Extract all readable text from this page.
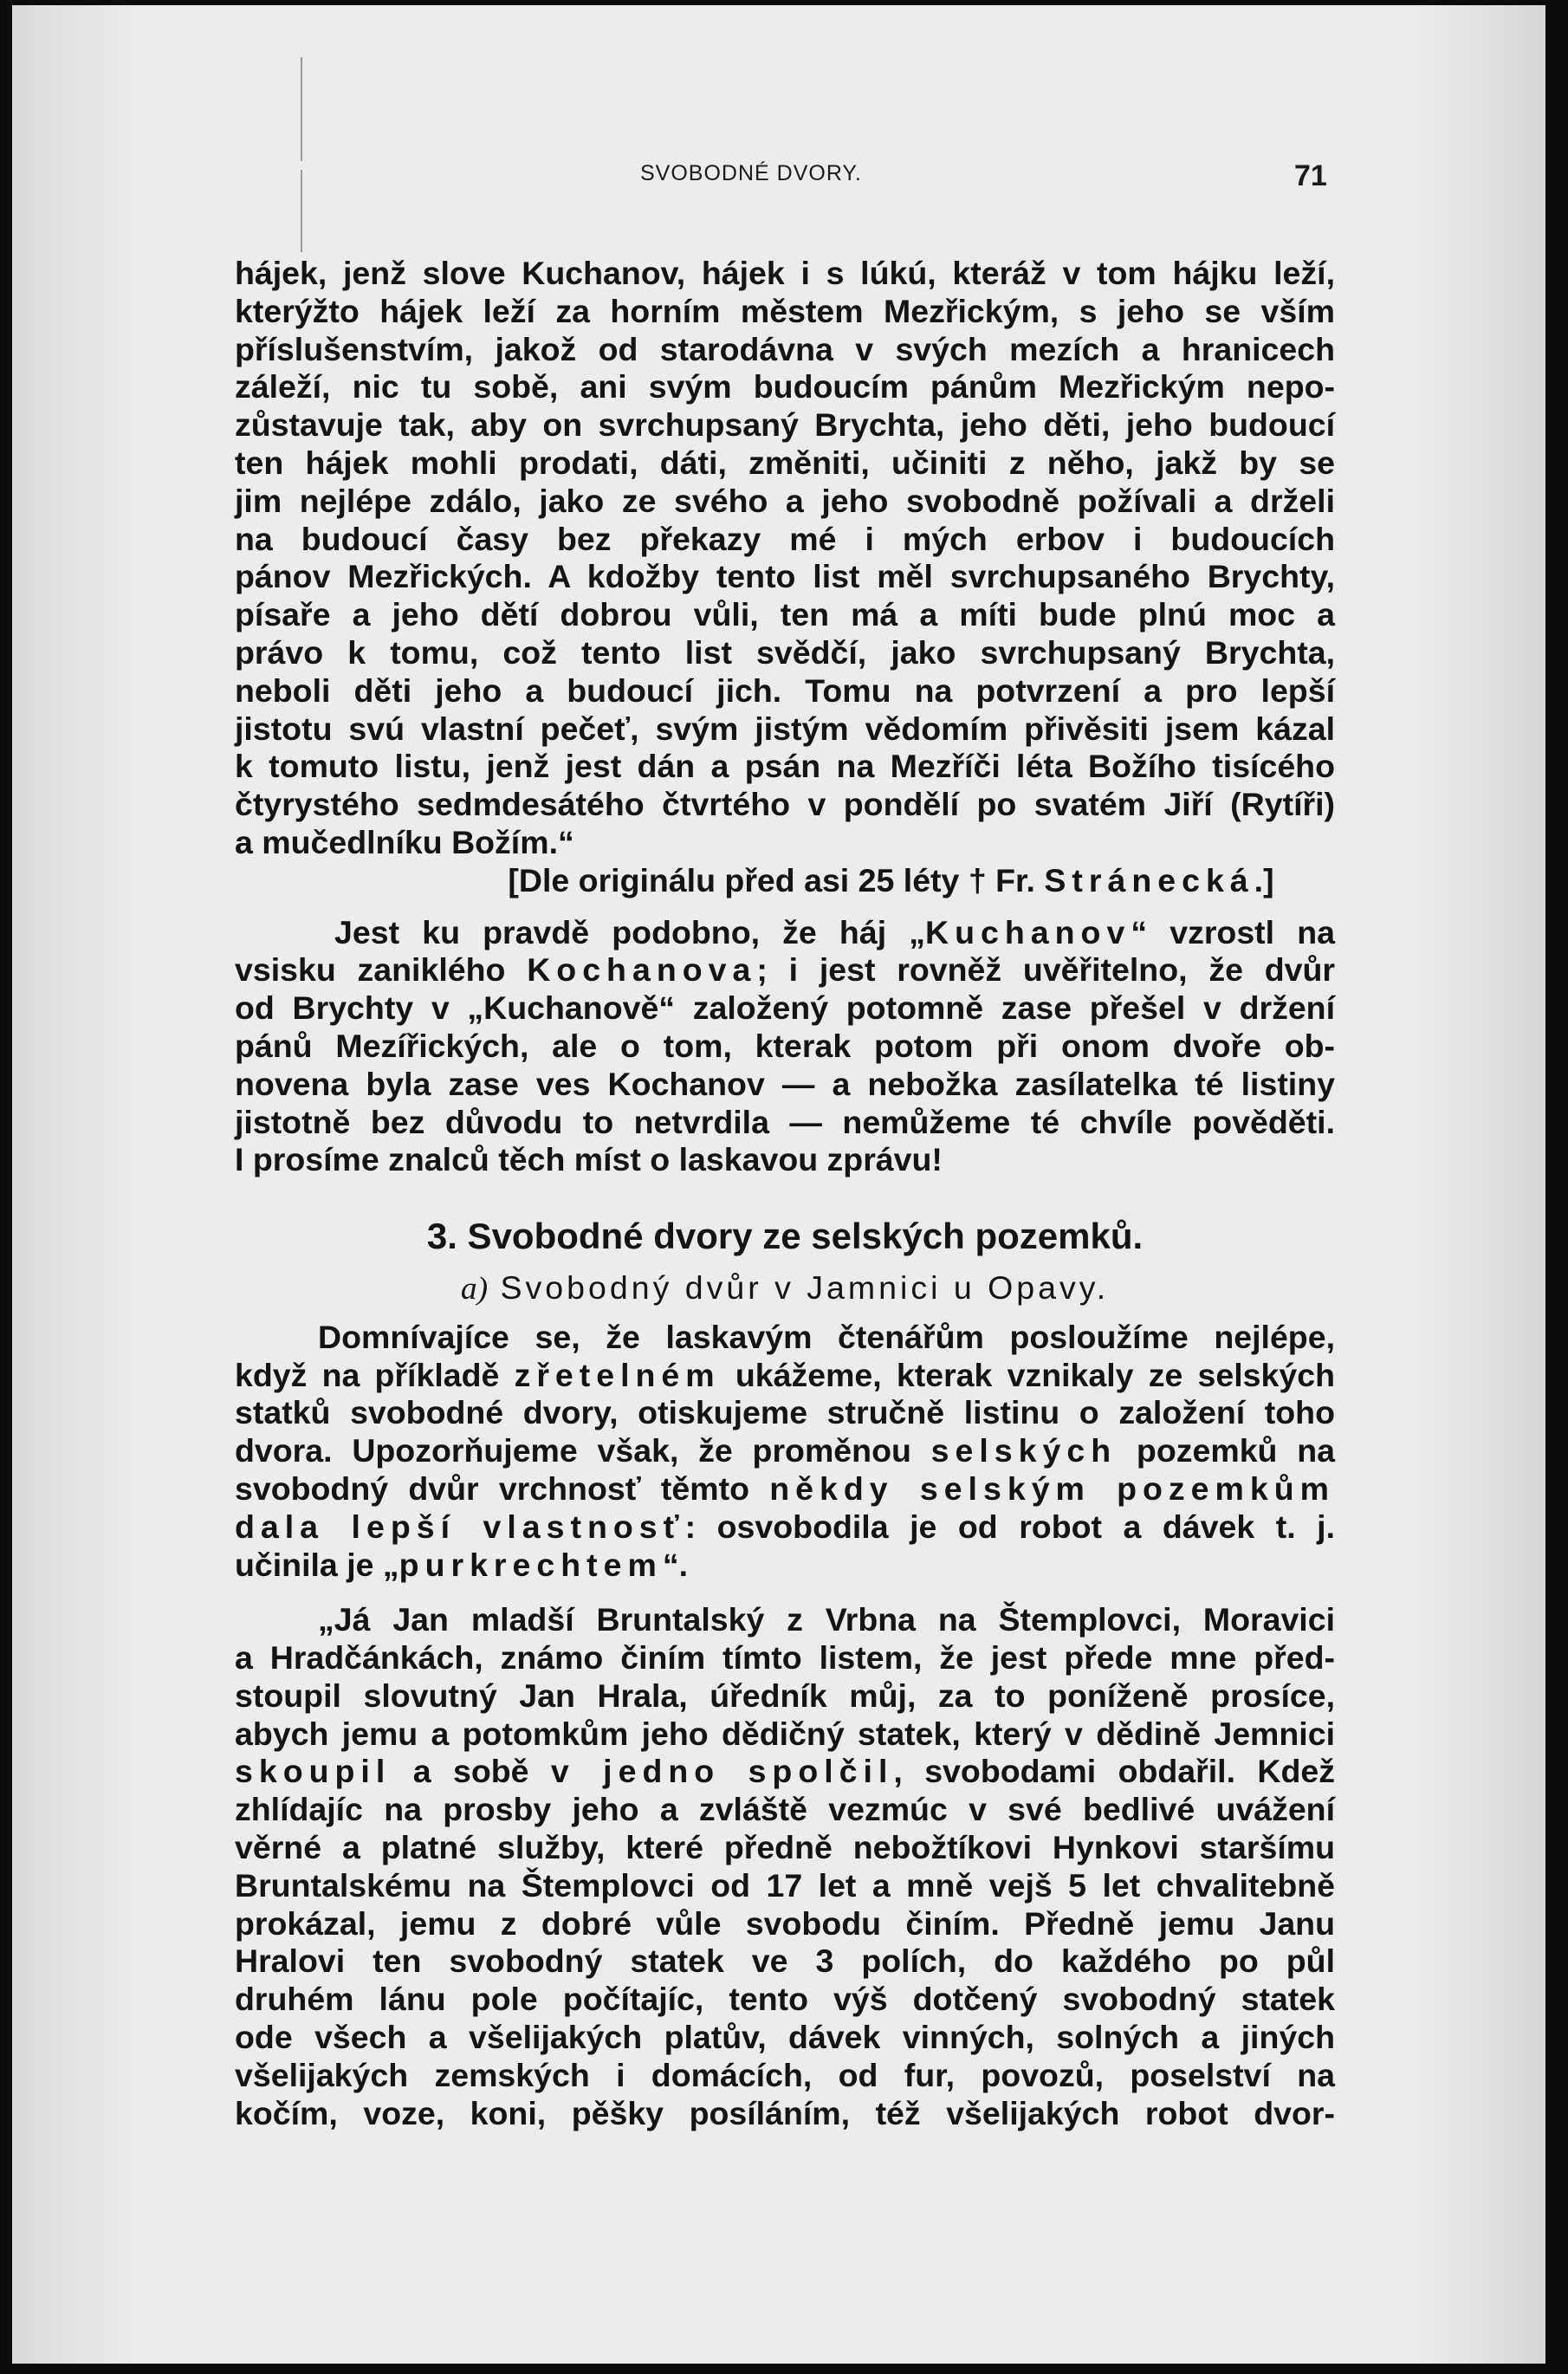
SVOBODNÉ DVORY.	71
hájek, jenž slove Kuchanov, hájek i s lúkú, kteráž v tom hájku leží,
kterýžto hájek leží za horním městem Mezřickým, s jeho se vším
příslušenstvím, jakož od starodávna v svých mezích a hranicech
záleží, nic tu sobě, ani svým budoucím pánům Mezřickým nepo-
zůstavuje tak, aby on svrchupsaný Brychta, jeho děti, jeho budoucí
ten hájek mohli prodati, dáti, změniti, učiniti z něho, jakž by se
jim nejlépe zdálo, jako ze svého a jeho svobodně požívali a drželi
na budoucí časy bez překazy mé i mých erbov i budoucích
pánov Mezřických. A kdožby tento list měl svrchupsaného Brychty,
písaře a jeho dětí dobrou vůli, ten má a míti bude plnú moc a
právo k tomu, což tento list svědčí, jako svrchupsaný Brychta,
neboli děti jeho a budoucí jich. Tomu na potvrzení a pro lepší
jistotu svú vlastní pečeť, svým jistým vědomím přivěsiti jsem kázal
k tomuto listu, jenž jest dán a psán na Mezříči léta Božího tisícého
čtyrystého sedmdesátého čtvrtého v pondělí po svatém Jiří (Rytíři)
a mučedlníku Božím.“
[Dle originálu před asi 25 léty † Fr. Stránecká.]
Jest ku pravdě podobno, že háj „Kuchanov“ vzrostl na
vsisku zaniklého Kochanova; i jest rovněž uvěřitelno, že dvůr
od Brychty v „Kuchanově“ založený potomně zase přešel v držení
pánů Mezířických, ale o tom, kterak potom při onom dvoře ob-
novena byla zase ves Kochanov — a nebožka zasílatelka té listiny
jistotně bez důvodu to netvrdila — nemůžeme té chvíle pověděti.
I prosíme znalců těch míst o laskavou zprávu!
3. Svobodné dvory ze selských pozemků.
a) Svobodný dvůr v Jamnici u Opavy.
Domnívajíce se, že laskavým čtenářům posloužíme nejlépe,
když na příkladě zřetelném ukážeme, kterak vznikaly ze selských
statků svobodné dvory, otiskujeme stručně listinu o založení toho
dvora. Upozorňujeme však, že proměnou selských pozemků na
svobodný dvůr vrchnosť těmto někdy selským pozemkům
dala lepší vlastnosť: osvobodila je od robot a dávek t. j.
učinila je „purkrechtem“.
„Já Jan mladší Bruntalský z Vrbna na Štemplovci, Moravici
a Hradčánkách, známo činím tímto listem, že jest přede mne před-
stoupil slovutný Jan Hrala, úředník můj, za to poníženě prosíce,
abych jemu a potomkům jeho dědičný statek, který v dědině Jemnici
skoupil a sobě v jedno spolčil, svobodami obdařil. Kdež
zhlídajíc na prosby jeho a zvláště vezmúc v své bedlivé uvážení
věrné a platné služby, které předně nebožtíkovi Hynkovi staršímu
Bruntalskému na Štemplovci od 17 let a mně vejš 5 let chvalitebně
prokázal, jemu z dobré vůle svobodu činím. Předně jemu Janu
Hralovi ten svobodný statek ve 3 polích, do každého po půl
druhém lánu pole počítajíc, tento výš dotčený svobodný statek
ode všech a všelijakých platův, dávek vinných, solných a jiných
všelijakých zemských i domácích, od fur, povozů, poselství na
kočím, voze, koni, pěšky posíláním, též všelijakých robot dvor-
